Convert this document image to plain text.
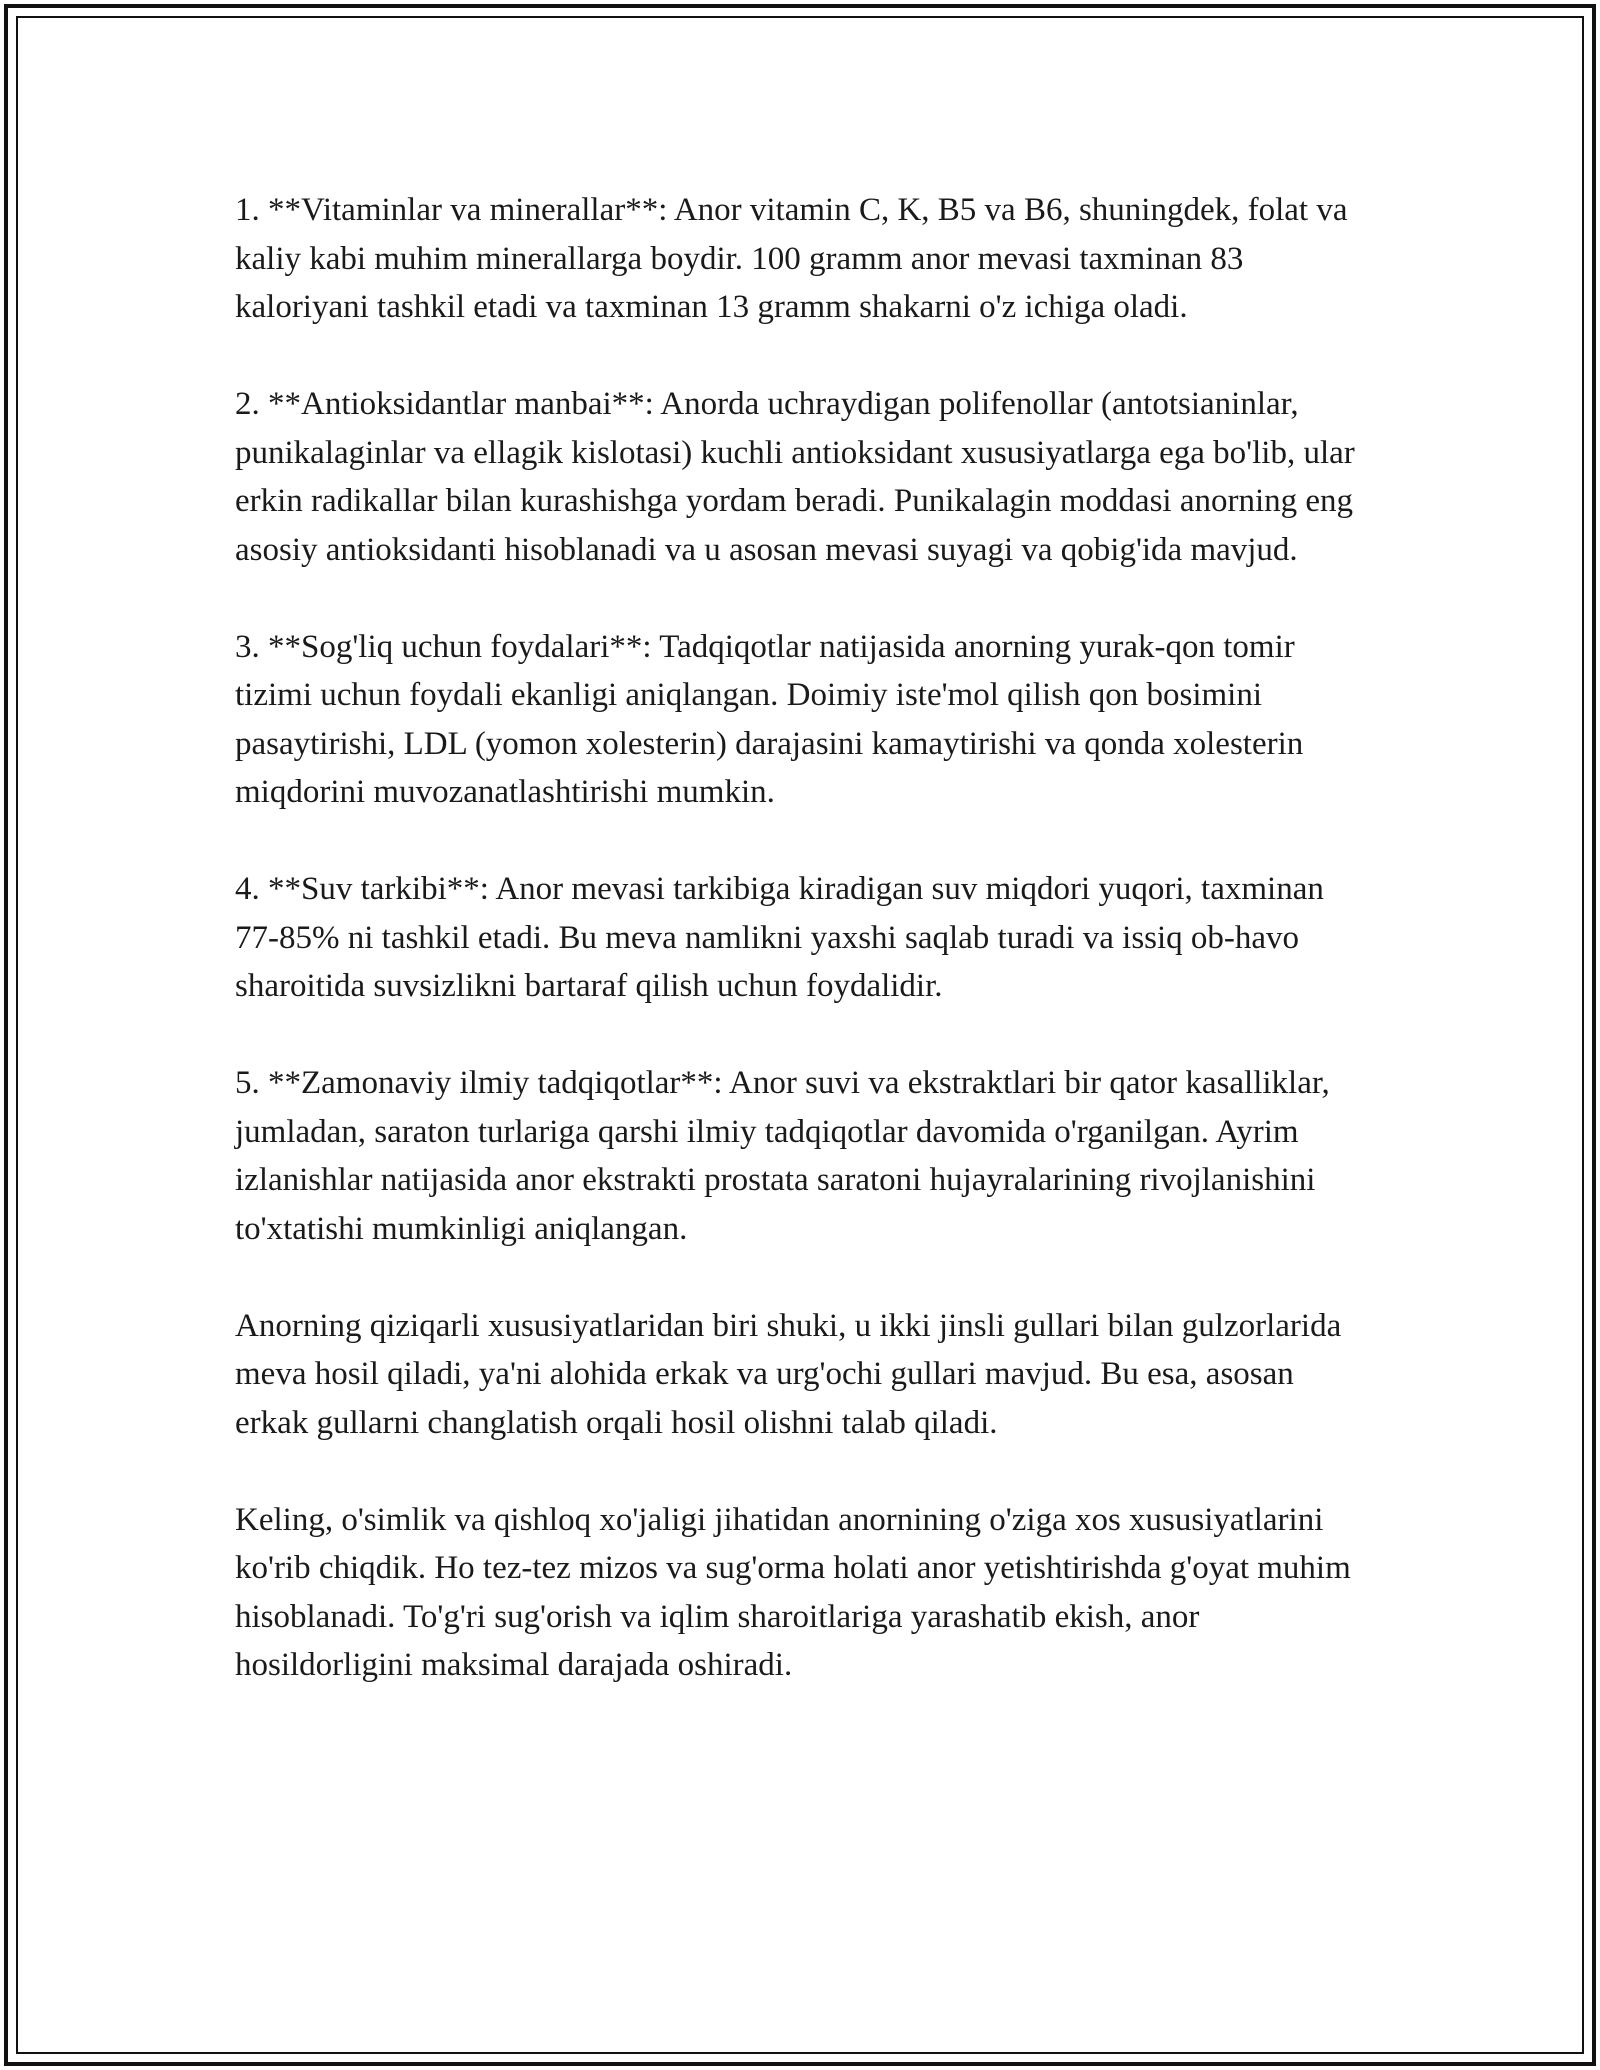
1. **Vitaminlar va minerallar**: Anor vitamin C, K, B5 va B6, shuningdek, folat va kaliy kabi muhim minerallarga boydir. 100 gramm anor mevasi taxminan 83 kaloriyani tashkil etadi va taxminan 13 gramm shakarni o'z ichiga oladi.

2. **Antioksidantlar manbai**: Anorda uchraydigan polifenollar (antotsianinlar, punikalaginlar va ellagik kislotasi) kuchli antioksidant xususiyatlarga ega bo'lib, ular erkin radikallar bilan kurashishga yordam beradi. Punikalagin moddasi anorning eng asosiy antioksidanti hisoblanadi va u asosan mevasi suyagi va qobig'ida mavjud.

3. **Sog'liq uchun foydalari**: Tadqiqotlar natijasida anorning yurak-qon tomir tizimi uchun foydali ekanligi aniqlangan. Doimiy iste'mol qilish qon bosimini pasaytirishi, LDL (yomon xolesterin) darajasini kamaytirishi va qonda xolesterin miqdorini muvozanatlashtirishi mumkin.

4. **Suv tarkibi**: Anor mevasi tarkibiga kiradigan suv miqdori yuqori, taxminan 77-85% ni tashkil etadi. Bu meva namlikni yaxshi saqlab turadi va issiq ob-havo sharoitida suvsizlikni bartaraf qilish uchun foydalidir.

5. **Zamonaviy ilmiy tadqiqotlar**: Anor suvi va ekstraktlari bir qator kasalliklar, jumladan, saraton turlariga qarshi ilmiy tadqiqotlar davomida o'rganilgan. Ayrim izlanishlar natijasida anor ekstrakti prostata saratoni hujayralarining rivojlanishini to'xtatishi mumkinligi aniqlangan.

Anorning qiziqarli xususiyatlaridan biri shuki, u ikki jinsli gullari bilan gulzorlarida meva hosil qiladi, ya'ni alohida erkak va urg'ochi gullari mavjud. Bu esa, asosan erkak gullarni changlatish orqali hosil olishni talab qiladi.

Keling, o'simlik va qishloq xo'jaligi jihatidan anornining o'ziga xos xususiyatlarini ko'rib chiqdik. Ho tez-tez mizos va sug'orma holati anor yetishtirishda g'oyat muhim hisoblanadi. To'g'ri sug'orish va iqlim sharoitlariga yarashatib ekish, anor hosildorligini maksimal darajada oshiradi.
